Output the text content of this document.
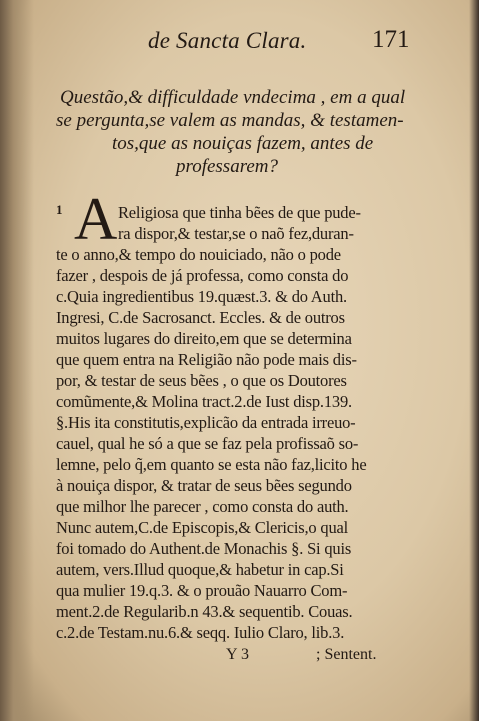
de Sancta Clara.	171
Questão,& difficuldade vndecima , em a qual
se pergunta,se valem as mandas, & testamen-
tos,que as nouiças fazem, antes de
professarem?
1 A Religiosa que tinha bẽes de que pude-
ra dispor,& testar,se o naõ fez,duran-
te o anno,& tempo do nouiciado, não o pode
fazer , despois de já professa, como consta do
c.Quia ingredientibus 19.quæst.3. & do Auth.
Ingresi, C.de Sacrosanct. Eccles. & de outros
muitos lugares do direito,em que se determina
que quem entra na Religião não pode mais dis-
por, & testar de seus bẽes , o que os Doutores
comũmente,& Molina tract.2.de Iust disp.139.
§.His ita constitutis,explicão da entrada irreuo-
cauel, qual he só a que se faz pela profissaõ so-
lemne, pelo q̃,em quanto se esta não faz,licito he
à nouiça dispor, & tratar de seus bẽes segundo
que milhor lhe parecer , como consta do auth.
Nunc autem,C.de Episcopis,& Clericis,o qual
foi tomado do Authent.de Monachis §. Si quis
autem, vers.Illud quoque,& habetur in cap.Si
qua mulier 19.q.3. & o prouão Nauarro Com-
ment.2.de Regularib.n 43.& sequentib. Couas.
c.2.de Testam.nu.6.& seqq. Iulio Claro, lib.3.
Y 3	; Sentent.
